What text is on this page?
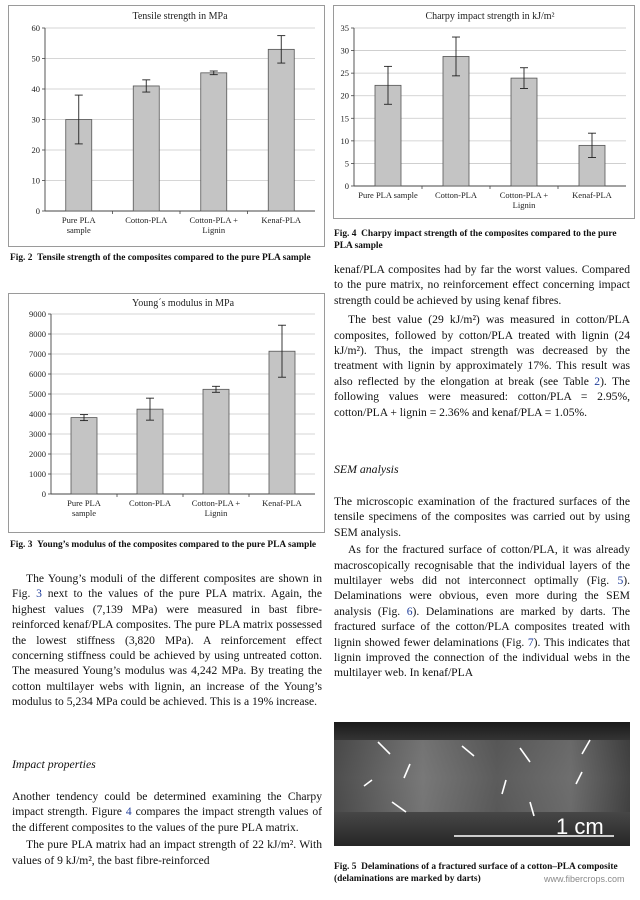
Tensile strength in MPa
0
10
20
30
40
50
60
Pure PLA
sample
Cotton-PLA	Cotton-PLA +
Lignin
Kenaf-PLA
Fig. 2 Tensile strength of the composites compared to the pure PLA sample
Young´s modulus in MPa
0
1000
2000
3000
4000
5000
6000
7000
8000
9000
Pure PLA
sample
Cotton-PLA Cotton-PLA +
Lignin
Kenaf-PLA
Fig. 3 Young’s modulus of the composites compared to the pure PLA sample

The Young’s moduli of the different composites are shown in Fig. 3 next to the values of the pure PLA matrix. Again, the highest values (7,139 MPa) were measured in bast fibre-reinforced kenaf/PLA composites. The pure PLA matrix possessed the lowest stiffness (3,820 MPa). A reinforcement effect concerning stiffness could be achieved by using untreated cotton. The measured Young’s modulus was 4,242 MPa. By treating the cotton multilayer webs with lignin, an increase of the Young’s modulus to 5,234 MPa could be achieved. This is a 19% increase.

Impact properties

Another tendency could be determined examining the Charpy impact strength. Figure 4 compares the impact strength values of the different composites to the values of the pure PLA matrix.

The pure PLA matrix had an impact strength of 22 kJ/m². With values of 9 kJ/m², the bast fibre-reinforced

Charpy impact strength in kJ/m²
0
5
10
15
20
25
30
35
Pure PLA sample Cotton-PLA	Cotton-PLA +
Lignin
Kenaf-PLA
Fig. 4 Charpy impact strength of the composites compared to the pure PLA sample

kenaf/PLA composites had by far the worst values. Compared to the pure matrix, no reinforcement effect concerning impact strength could be achieved by using kenaf fibres.

The best value (29 kJ/m²) was measured in cotton/PLA composites, followed by cotton/PLA treated with lignin (24 kJ/m²). Thus, the impact strength was decreased by the treatment with lignin by approximately 17%. This result was also reflected by the elongation at break (see Table 2). The following values were measured: cotton/PLA = 2.95%, cotton/PLA + lignin = 2.36% and kenaf/PLA = 1.05%.

SEM analysis

The microscopic examination of the fractured surfaces of the tensile specimens of the composites was carried out by using SEM analysis.

As for the fractured surface of cotton/PLA, it was already macroscopically recognisable that the individual layers of the multilayer webs did not interconnect optimally (Fig. 5). Delaminations were obvious, even more during the SEM analysis (Fig. 6). Delaminations are marked by darts. The fractured surface of the cotton/PLA composites treated with lignin showed fewer delaminations (Fig. 7). This indicates that lignin improved the connection of the individual webs in the multilayer web. In kenaf/PLA

1 cm
Fig. 5 Delaminations of a fractured surface of a cotton–PLA composite (delaminations are marked by darts)	www.fibercrops.com
